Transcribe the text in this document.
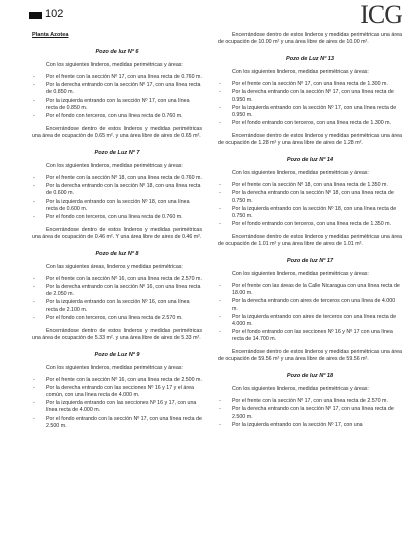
102	ICG
Planta Azotea
Pozo de luz Nº 6

Con los siguientes linderos, medidas perimétricas y áreas:

- Por el frente con la sección Nº 17, con una línea recta de 0.760 m.
- Por la derecha entrando con la sección Nº 17, con una línea recta de 0.850 m.
- Por la izquierda entrando con la sección Nº 17, con una línea recta de 0.850 m.
- Por el fondo con terceros, con una línea recta de 0.760 m.

Encerrándose dentro de estos linderos y medidas perimétricas una área de ocupación de 0.65 m². y una área libre de aires de 0.65 m².

Pozo de Luz Nº 7

Con los siguientes linderos, medidas perimétricas y áreas:

- Por el frente con la sección Nº 18, con una línea recta de 0.760 m.
- Por la derecha entrando con la sección Nº 18, con una línea recta de 0.600 m.
- Por la izquierda entrando con la sección Nº 18, con una línea recta de 0.600 m.
- Por el fondo con terceros, con una línea recta de 0.760 m.

Encerrándose dentro de estos linderos y medidas perimétricas una área de ocupación de 0.46 m². Y una área libre de aires de 0.46 m².

Pozo de luz Nº 8

Con las siguientes áreas, linderos y medidas perimétricas:

- Por el frente con la sección Nº 16, con una línea recta de 2.570 m.
- Por la derecha entrando con la sección Nº 16, con una línea recta de 2.050 m.
- Por la izquierda entrando con la sección Nº 16, con una línea recta de 2.100 m.
- Por el fondo con terceros, con una línea recta de 2.570 m.

Encerrándose dentro de estos linderos y medidas perimétricas una área de ocupación de 5.33 m². y una área libre de aires de 5.33 m².

Pozo de Luz Nº 9

Con los siguientes linderos, medidas perimétricas y áreas:

- Por el frente con la sección Nº 16, con una línea recta de 2.500 m.
- Por la derecha entrando con las secciones Nº 16 y 17 y el área común, con una línea recta de 4.000 m.
- Por la izquierda entrando con las secciones Nº 16 y 17, con una línea recta de 4.000 m.
- Por el fondo entrando con la sección Nº 17, con una línea recta de 2.500 m.

Encerrándose dentro de estos linderos y medidas perimétricas una área de ocupación de 10.00 m² y una área libre de aires de 10.00 m².

Pozo de Luz Nº 13

Con los siguientes linderos, medidas perimétricas y áreas:

- Por el frente con la sección Nº 17, con una línea recta de 1.300 m.
- Por la derecha entrando con la sección Nº 17, con una línea recta de 0.950 m.
- Por la izquierda entrando con la sección Nº 17, con una línea recta de 0.950 m.
- Por el fondo entrando con terceros, con una línea recta de 1.300 m.

Encerrándose dentro de estos linderos y medidas perimétricas una área de ocupación de 1.28 m² y una área libre de aires de 1.28 m².

Pozo de luz Nº 14

Con los siguientes linderos, medidas perimétricas y áreas:

- Por el frente con la sección Nº 18, con una línea recta de 1.350 m.
- Por la derecha entrando con la sección Nº 18, con una línea recta de 0.750 m.
- Por la izquierda entrando con la sección Nº 18, con una línea recta de 0.750 m.
- Por el fondo entrando con terceros, con una línea recta de 1.350 m.

Encerrándose dentro de estos linderos y medidas perimétricas una área de ocupación de 1.01 m² y una área libre de aires de 1.01 m².

Pozo de luz Nº 17

Con los siguientes linderos, medidas perimétricas y áreas:

- Por el frente con las áreas de la Calle Nicaragua con una línea recta de 18.00 m.
- Por la derecha entrando con aires de terceros con una línea de 4.000 m.
- Por la izquierda entrando con aires de terceros con una línea recta de 4.000 m.
- Por el fondo entrando con las secciones Nº 16 y Nº 17 con una línea recta de 14.700 m.

Encerrándose dentro de estos linderos y medidas perimétricas una área de ocupación de 59.56 m² y una área libre de aires de 59.56 m².

Pozo de luz Nº 18

Con los siguientes linderos, medidas perimétricas y áreas:

- Por el frente con la sección Nº 17, con una línea recta de 2.570 m.
- Por la derecha entrando con la sección Nº 17, con una línea recta de 2.500 m.
- Por la izquierda entrando con la sección Nº 17, con una
